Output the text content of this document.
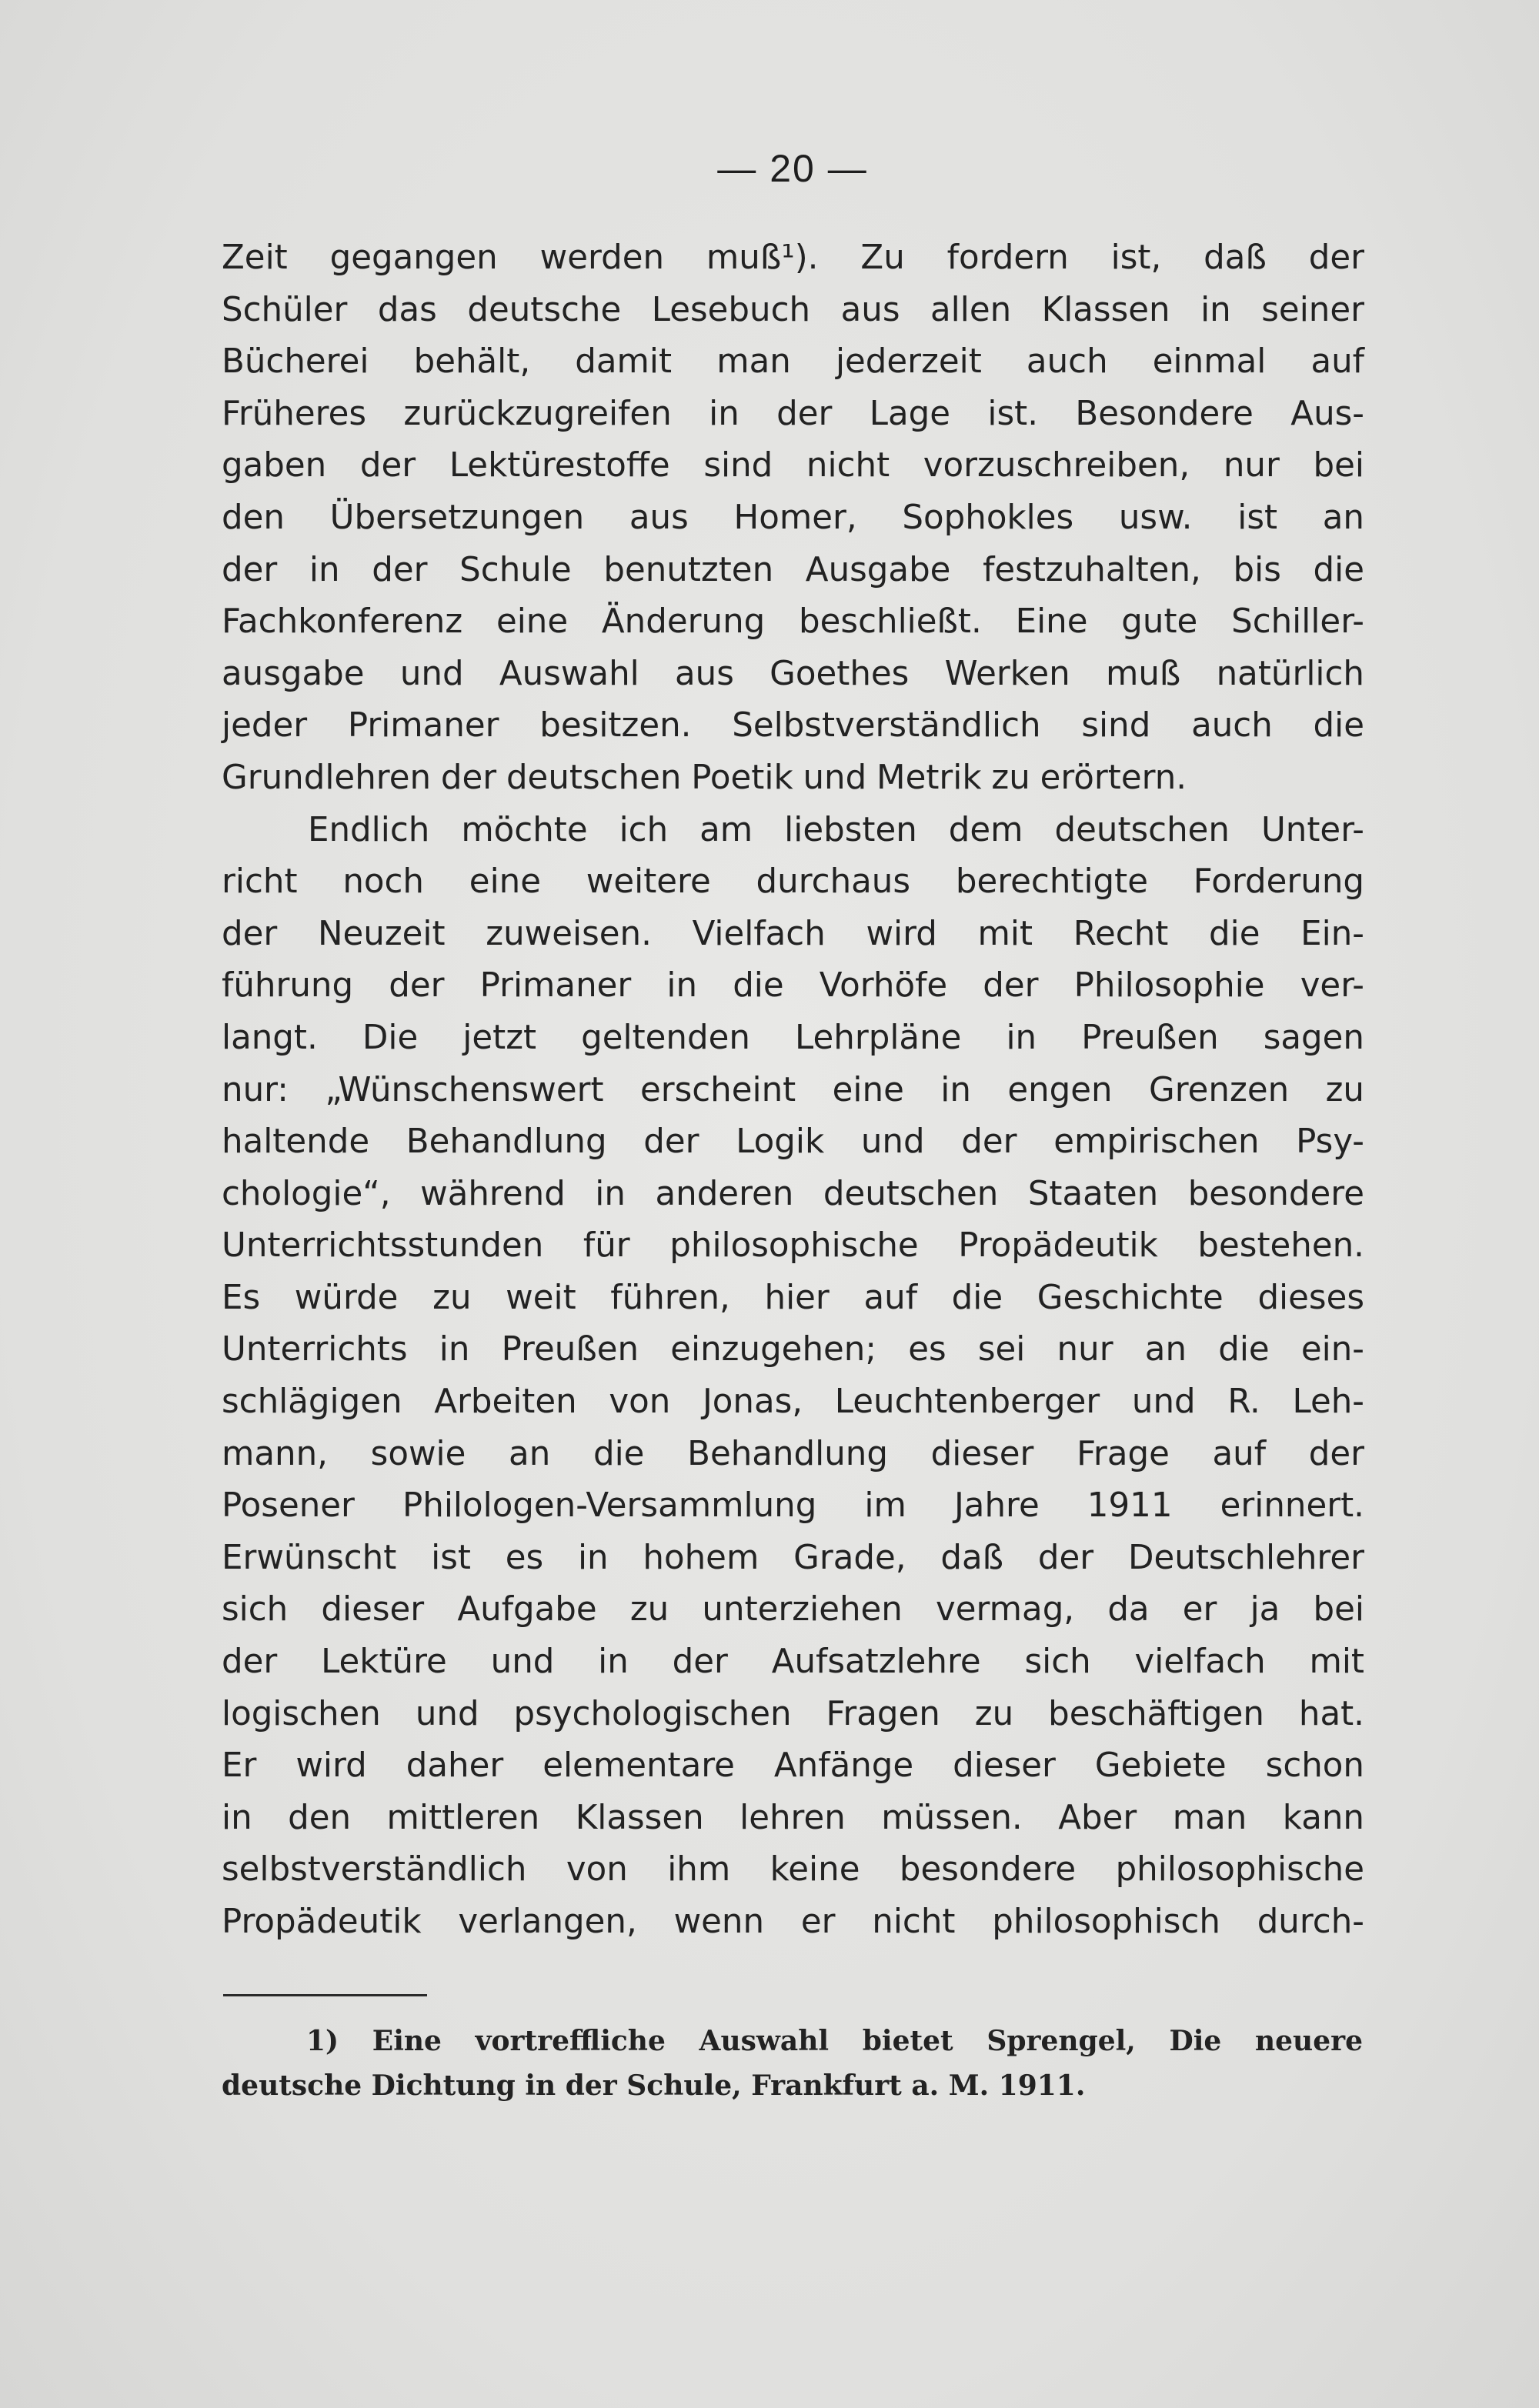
— 20 —
Zeit gegangen werden muß¹). Zu fordern ist, daß der
Schüler das deutsche Lesebuch aus allen Klassen in seiner
Bücherei behält, damit man jederzeit auch einmal auf
Früheres zurückzugreifen in der Lage ist. Besondere Aus-
gaben der Lektürestoffe sind nicht vorzuschreiben, nur bei
den Übersetzungen aus Homer, Sophokles usw. ist an
der in der Schule benutzten Ausgabe festzuhalten, bis die
Fachkonferenz eine Änderung beschließt. Eine gute Schiller-
ausgabe und Auswahl aus Goethes Werken muß natürlich
jeder Primaner besitzen. Selbstverständlich sind auch die
Grundlehren der deutschen Poetik und Metrik zu erörtern.
Endlich möchte ich am liebsten dem deutschen Unter-
richt noch eine weitere durchaus berechtigte Forderung
der Neuzeit zuweisen. Vielfach wird mit Recht die Ein-
führung der Primaner in die Vorhöfe der Philosophie ver-
langt. Die jetzt geltenden Lehrpläne in Preußen sagen
nur: „Wünschenswert erscheint eine in engen Grenzen zu
haltende Behandlung der Logik und der empirischen Psy-
chologie“, während in anderen deutschen Staaten besondere
Unterrichtsstunden für philosophische Propädeutik bestehen.
Es würde zu weit führen, hier auf die Geschichte dieses
Unterrichts in Preußen einzugehen; es sei nur an die ein-
schlägigen Arbeiten von Jonas, Leuchtenberger und R. Leh-
mann, sowie an die Behandlung dieser Frage auf der
Posener Philologen-Versammlung im Jahre 1911 erinnert.
Erwünscht ist es in hohem Grade, daß der Deutschlehrer
sich dieser Aufgabe zu unterziehen vermag, da er ja bei
der Lektüre und in der Aufsatzlehre sich vielfach mit
logischen und psychologischen Fragen zu beschäftigen hat.
Er wird daher elementare Anfänge dieser Gebiete schon
in den mittleren Klassen lehren müssen. Aber man kann
selbstverständlich von ihm keine besondere philosophische
Propädeutik verlangen, wenn er nicht philosophisch durch-
1) Eine vortreffliche Auswahl bietet Sprengel, Die neuere
deutsche Dichtung in der Schule, Frankfurt a. M. 1911.
